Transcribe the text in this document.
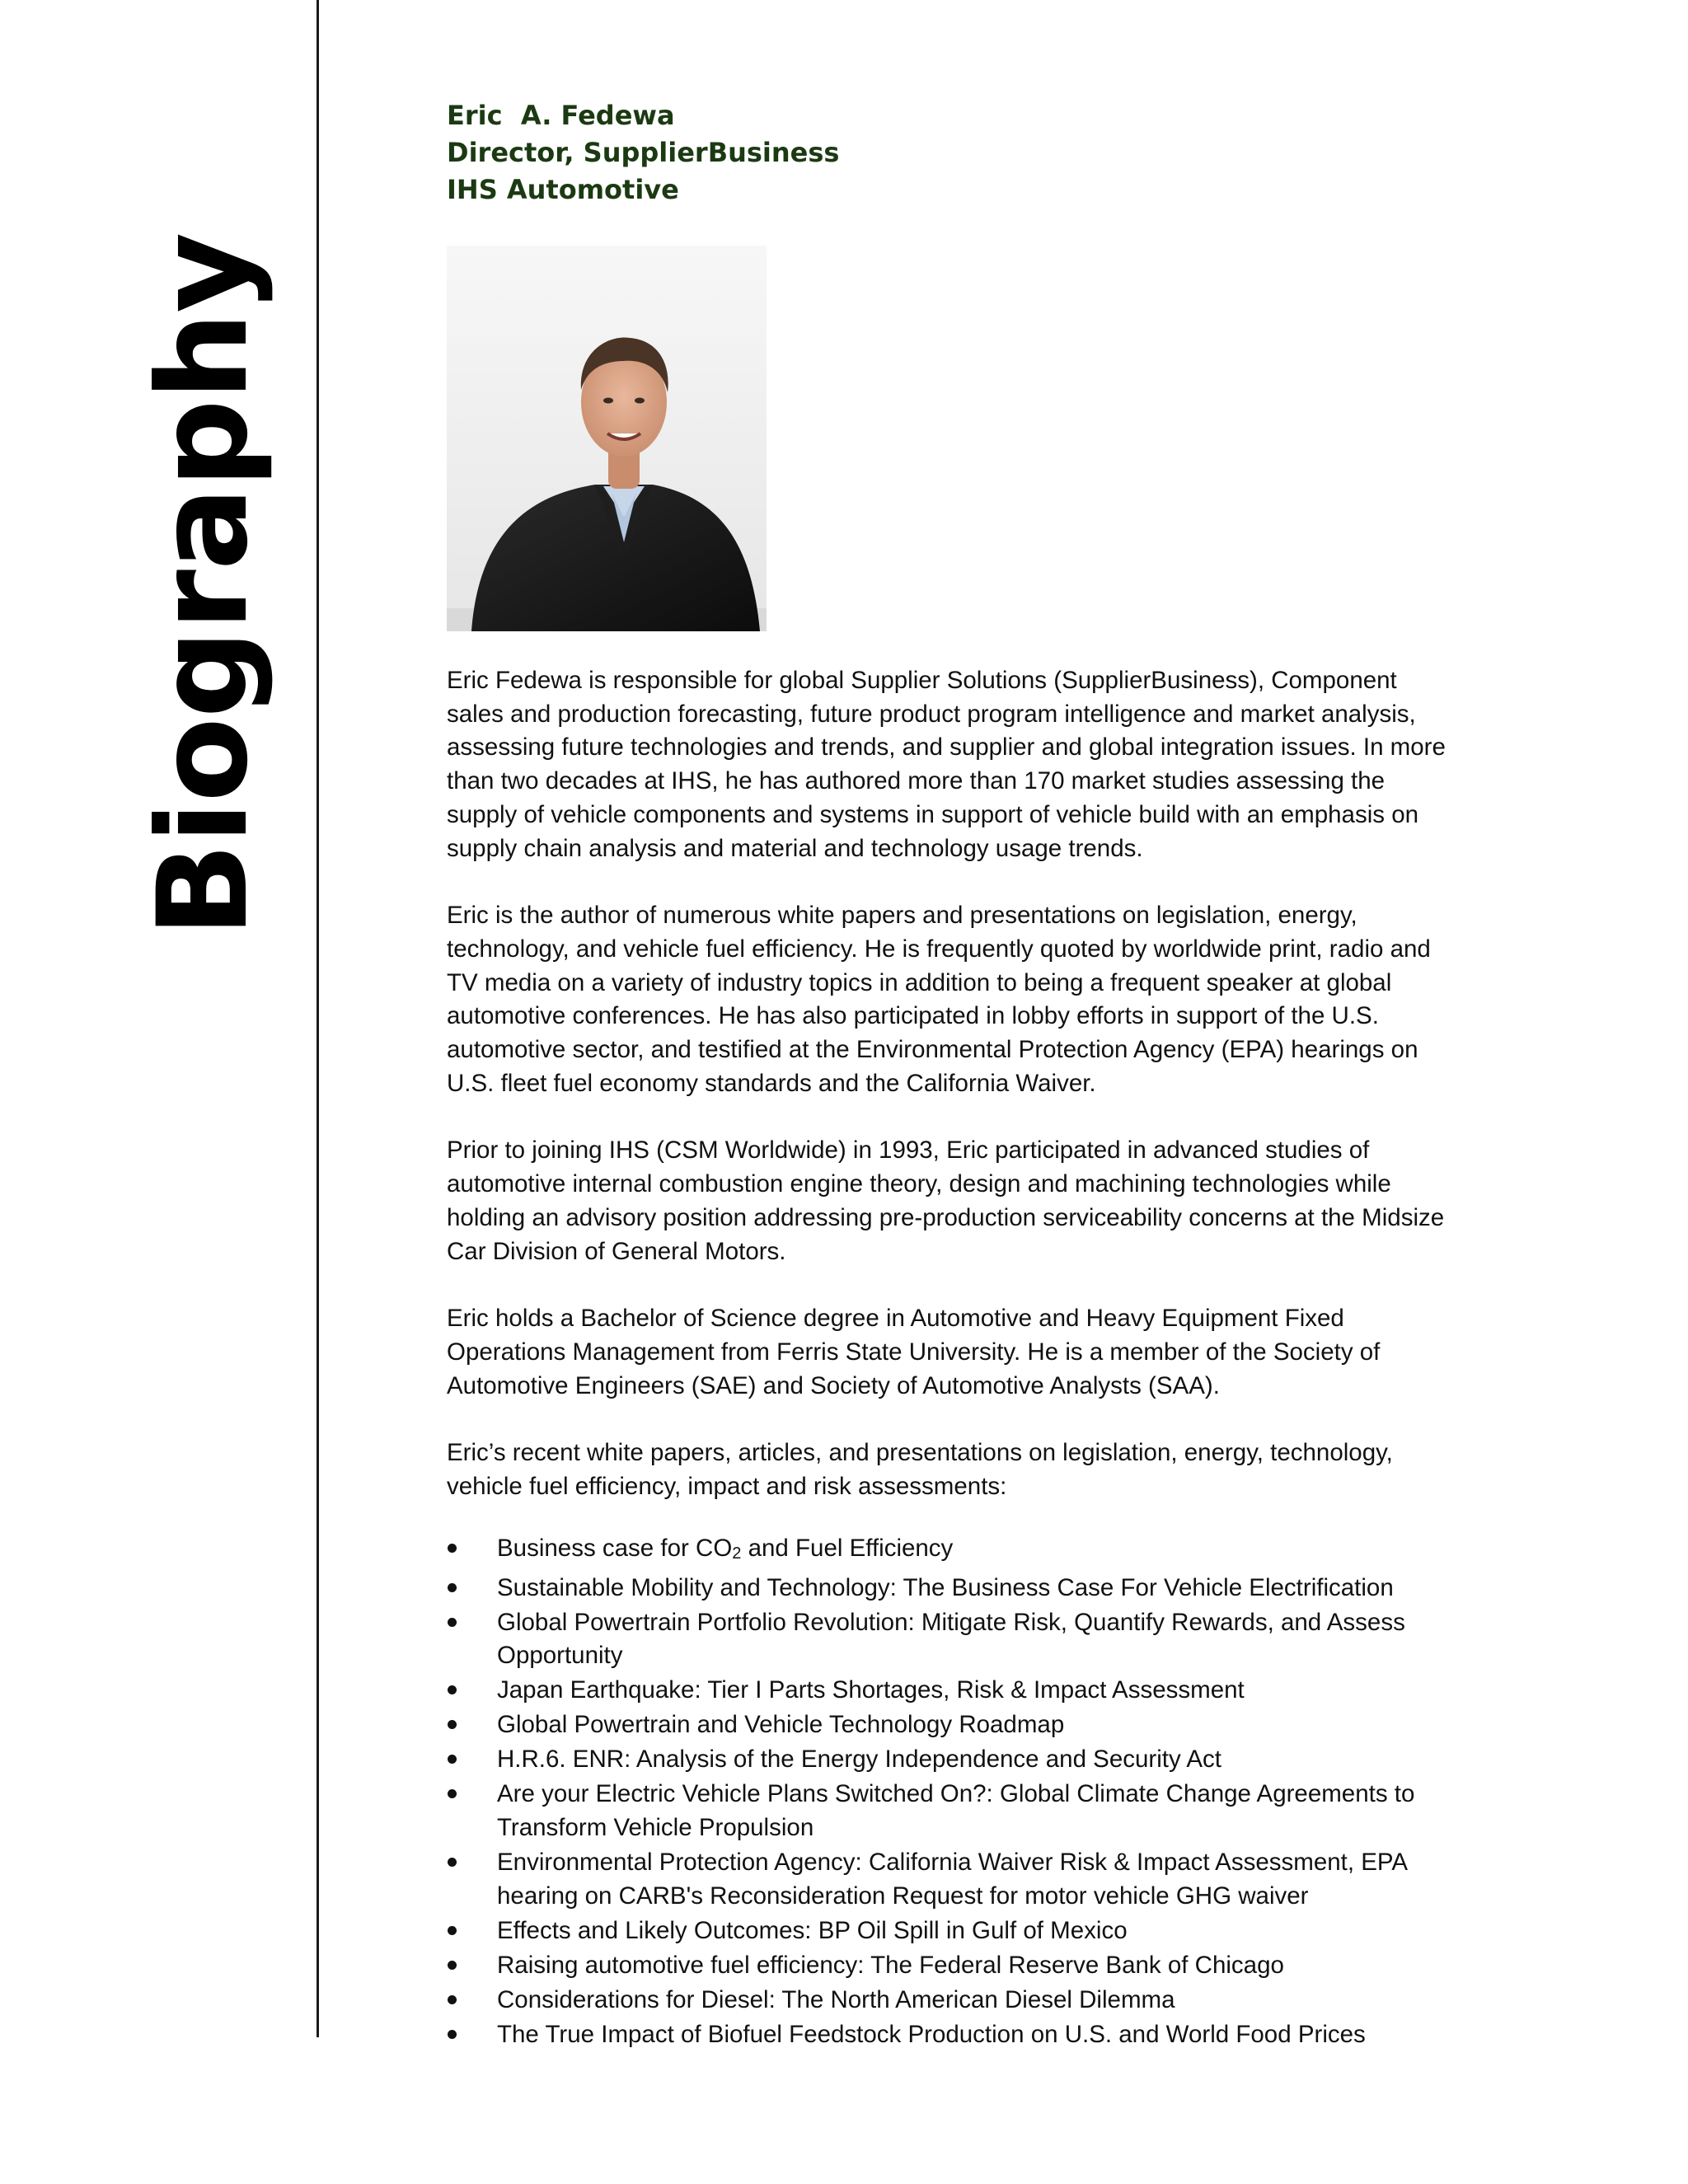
Biography
Eric  A. Fedewa
Director, SupplierBusiness
IHS Automotive

Eric Fedewa is responsible for global Supplier Solutions (SupplierBusiness), Component sales and production forecasting, future product program intelligence and market analysis, assessing future technologies and trends, and supplier and global integration issues. In more than two decades at IHS, he has authored more than 170 market studies assessing the supply of vehicle components and systems in support of vehicle build with an emphasis on supply chain analysis and material and technology usage trends.

Eric is the author of numerous white papers and presentations on legislation, energy, technology, and vehicle fuel efficiency. He is frequently quoted by worldwide print, radio and TV media on a variety of industry topics in addition to being a frequent speaker at global automotive conferences. He has also participated in lobby efforts in support of the U.S. automotive sector, and testified at the Environmental Protection Agency (EPA) hearings on U.S. fleet fuel economy standards and the California Waiver.

Prior to joining IHS (CSM Worldwide) in 1993, Eric participated in advanced studies of automotive internal combustion engine theory, design and machining technologies while holding an advisory position addressing pre-production serviceability concerns at the Midsize Car Division of General Motors.

Eric holds a Bachelor of Science degree in Automotive and Heavy Equipment Fixed Operations Management from Ferris State University. He is a member of the Society of Automotive Engineers (SAE) and Society of Automotive Analysts (SAA).

Eric’s recent white papers, articles, and presentations on legislation, energy, technology, vehicle fuel efficiency, impact and risk assessments:

Business case for CO2 and Fuel Efficiency
Sustainable Mobility and Technology: The Business Case For Vehicle Electrification
Global Powertrain Portfolio Revolution: Mitigate Risk, Quantify Rewards, and Assess Opportunity
Japan Earthquake: Tier I Parts Shortages, Risk & Impact Assessment
Global Powertrain and Vehicle Technology Roadmap
H.R.6. ENR: Analysis of the Energy Independence and Security Act
Are your Electric Vehicle Plans Switched On?: Global Climate Change Agreements to Transform Vehicle Propulsion
Environmental Protection Agency: California Waiver Risk & Impact Assessment, EPA hearing on CARB's Reconsideration Request for motor vehicle GHG waiver
Effects and Likely Outcomes: BP Oil Spill in Gulf of Mexico
Raising automotive fuel efficiency: The Federal Reserve Bank of Chicago
Considerations for Diesel: The North American Diesel Dilemma
The True Impact of Biofuel Feedstock Production on U.S. and World Food Prices
